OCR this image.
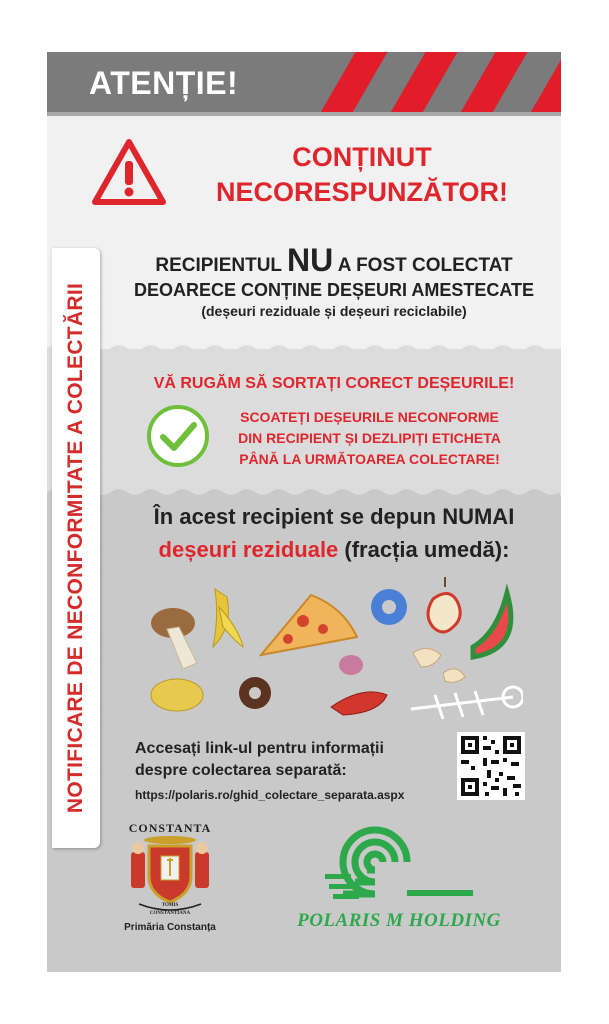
ATENȚIE!
CONȚINUT
NECORESPUNZĂTOR!
RECIPIENTUL NU A FOST COLECTAT
DEOARECE CONȚINE DEȘEURI AMESTECATE
(deșeuri reziduale și deșeuri reciclabile)
VĂ RUGĂM SĂ SORTAȚI CORECT DEȘEURILE!
SCOATEȚI DEȘEURILE NECONFORME
DIN RECIPIENT ȘI DEZLIPIȚI ETICHETA
PÂNĂ LA URMĂTOAREA COLECTARE!
În acest recipient se depun NUMAI
deșeuri reziduale (fracția umedă):
Accesați link-ul pentru informații
despre colectarea separată:
https://polaris.ro/ghid_colectare_separata.aspx
CONSTANTA
TOMIS
CONSTANTIANA
Primăria Constanța	POLARIS M HOLDING
NOTIFICARE DE NECONFORMITATE A COLECTĂRII
